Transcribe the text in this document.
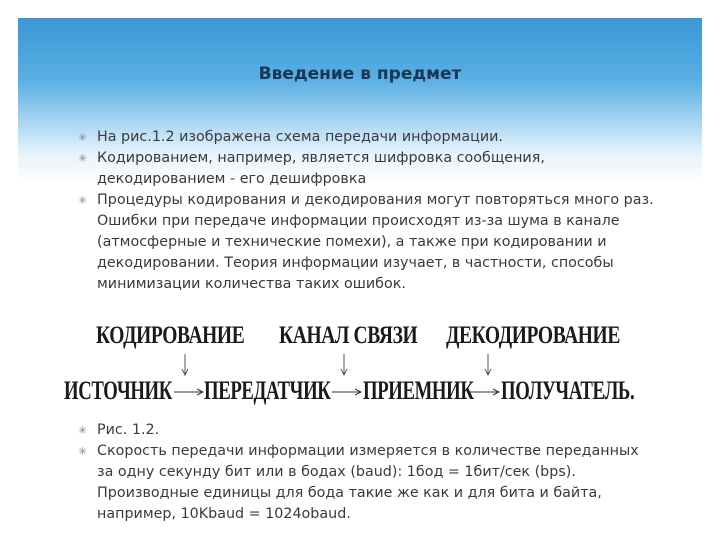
Введение в предмет
✳ На рис.1.2 изображена схема передачи информации.
✳ Кодированием, например, является шифровка сообщения, декодированием - его дешифровка
✳ Процедуры кодирования и декодирования могут повторяться много раз. Ошибки при передаче информации происходят из-за шума в канале (атмосферные и технические помехи), а также при кодировании и декодировании. Теория информации изучает, в частности, способы минимизации количества таких ошибок.
КОДИРОВАНИЕ КАНАЛ СВЯЗИ ДЕКОДИРОВАНИЕ
ИСТОЧНИК ПЕРЕДАТЧИК ПРИЕМНИК ПОЛУЧАТЕЛЬ.
✳ Рис. 1.2.
✳ Скорость передачи информации измеряется в количестве переданных за одну секунду бит или в бодах (baud): 1бод = 1бит/сек (bps). Производные единицы для бода такие же как и для бита и байта, например, 10Kbaud = 1024obaud.
